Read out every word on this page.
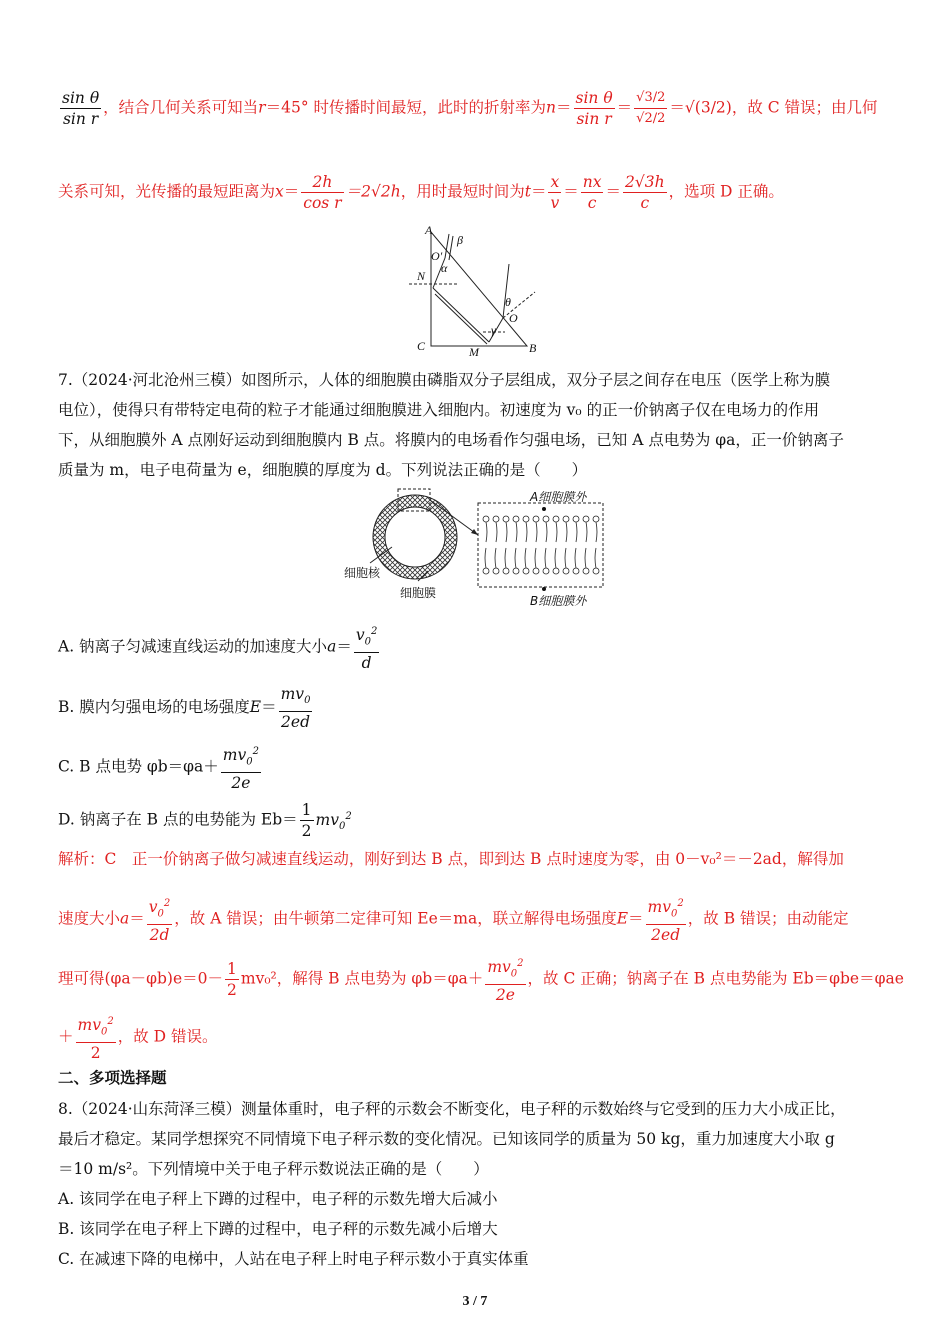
$\frac{\text{sin θ}}{\text{sin r}}$ ，结合几何关系可知当r＝45° 时传播时间最短，此时的折射率为$n= \frac{\text{sin θ}}{\text{sin r}} = \frac{√3/2}{√2/2} =√(3/2)$，故 C 错误；由几何
关系可知，光传播的最短距离为$x= \frac{2h}{\text{cos r}} =2√2h$，用时最短时间为$t= \frac{x}{v} = \frac{nx}{c} = \frac{2√3h}{c}$ ，选项 D 正确。
A
β
O′
α
N
θ
O
γ
C	M	B
7.（2024·河北沧州三模）如图所示，人体的细胞膜由磷脂双分子层组成，双分子层之间存在电压（医学上称为膜
电位），使得只有带特定电荷的粒子才能通过细胞膜进入细胞内。初速度为 v₀ 的正一价钠离子仅在电场力的作用
下，从细胞膜外 A 点刚好运动到细胞膜内 B 点。将膜内的电场看作匀强电场，已知 A 点电势为 φa，正一价钠离子
质量为 m，电子电荷量为 e，细胞膜的厚度为 d。下列说法正确的是（　　）
细胞核
细胞膜
A细胞膜外
B细胞膜外
A. 钠离子匀减速直线运动的加速度大小$a= \frac{v_0^2}{d}$
B. 膜内匀强电场的电场强度$E= \frac{mv_0}{2ed}$
C. B 点电势 $\varphi b=\varphi a+ \frac{mv_0^2}{2e}$
D. 钠离子在 B 点的电势能为 $Eb= \frac{1}{2} mv_0^2$
解析：C　正一价钠离子做匀减速直线运动，刚好到达 B 点，即到达 B 点时速度为零，由 0－v₀²＝－2ad，解得加
速度大小$a= \frac{v_0^2}{2d}$ ，故 A 错误；由牛顿第二定律可知 Ee＝ma，联立解得电场强度$E= \frac{mv_0^2}{2ed}$ ，故 B 错误；由动能定
理可得$(\varphi a-\varphi b)e=0- \frac{1}{2} mv_0^2$，解得 B 点电势为 $\varphi b=\varphi a+ \frac{mv_0^2}{2e}$ ，故 C 正确；钠离子在 B 点电势能为 Eb＝φbe＝φae
＋ $\frac{mv_0^2}{2}$ ，故 D 错误。
二、多项选择题
8.（2024·山东菏泽三模）测量体重时，电子秤的示数会不断变化，电子秤的示数始终与它受到的压力大小成正比，
最后才稳定。某同学想探究不同情境下电子秤示数的变化情况。已知该同学的质量为 50 kg，重力加速度大小取 g
＝10 m/s²。下列情境中关于电子秤示数说法正确的是（　　）
A. 该同学在电子秤上下蹲的过程中，电子秤的示数先增大后减小
B. 该同学在电子秤上下蹲的过程中，电子秤的示数先减小后增大
C. 在减速下降的电梯中，人站在电子秤上时电子秤示数小于真实体重
3 / 7
